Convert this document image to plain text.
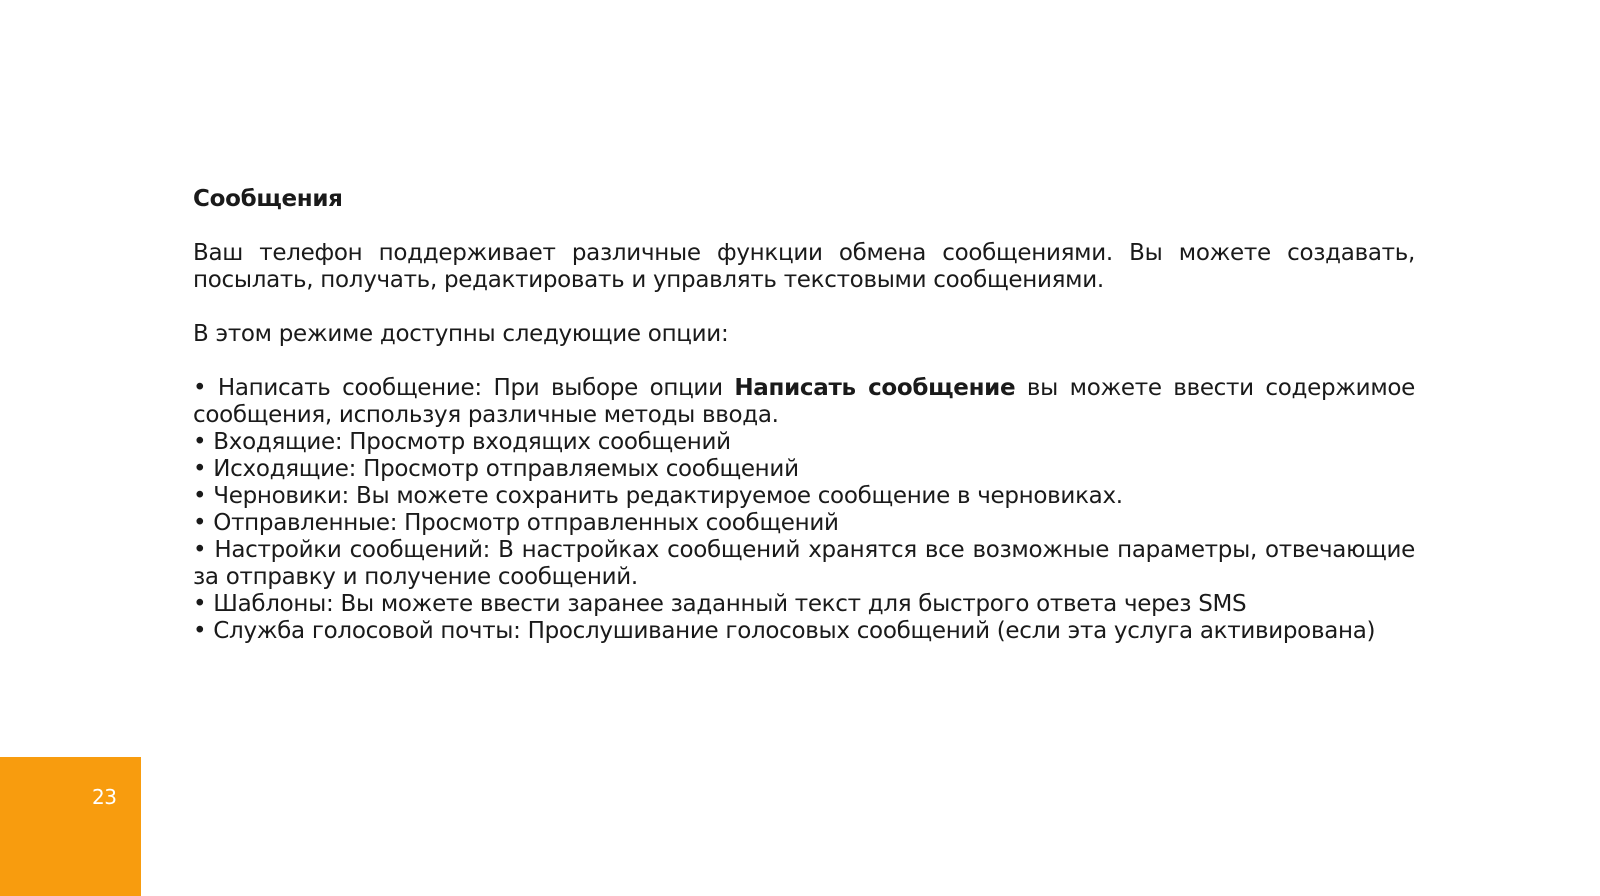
Сообщения
Ваш телефон поддерживает различные функции обмена сообщениями. Вы можете создавать, посылать, получать, редактировать и управлять текстовыми сообщениями.
В этом режиме доступны следующие опции:
• Написать сообщение: При выборе опции Написать сообщение вы можете ввести содержимое сообщения, используя различные методы ввода.
• Входящие: Просмотр входящих сообщений
• Исходящие: Просмотр отправляемых сообщений
• Черновики: Вы можете сохранить редактируемое сообщение в черновиках.
• Отправленные: Просмотр отправленных сообщений
• Настройки сообщений: В настройках сообщений хранятся все возможные параметры, отвечающие за отправку и получение сообщений.
• Шаблоны: Вы можете ввести заранее заданный текст для быстрого ответа через SMS
• Служба голосовой почты: Прослушивание голосовых сообщений (если эта услуга активирована)
23
